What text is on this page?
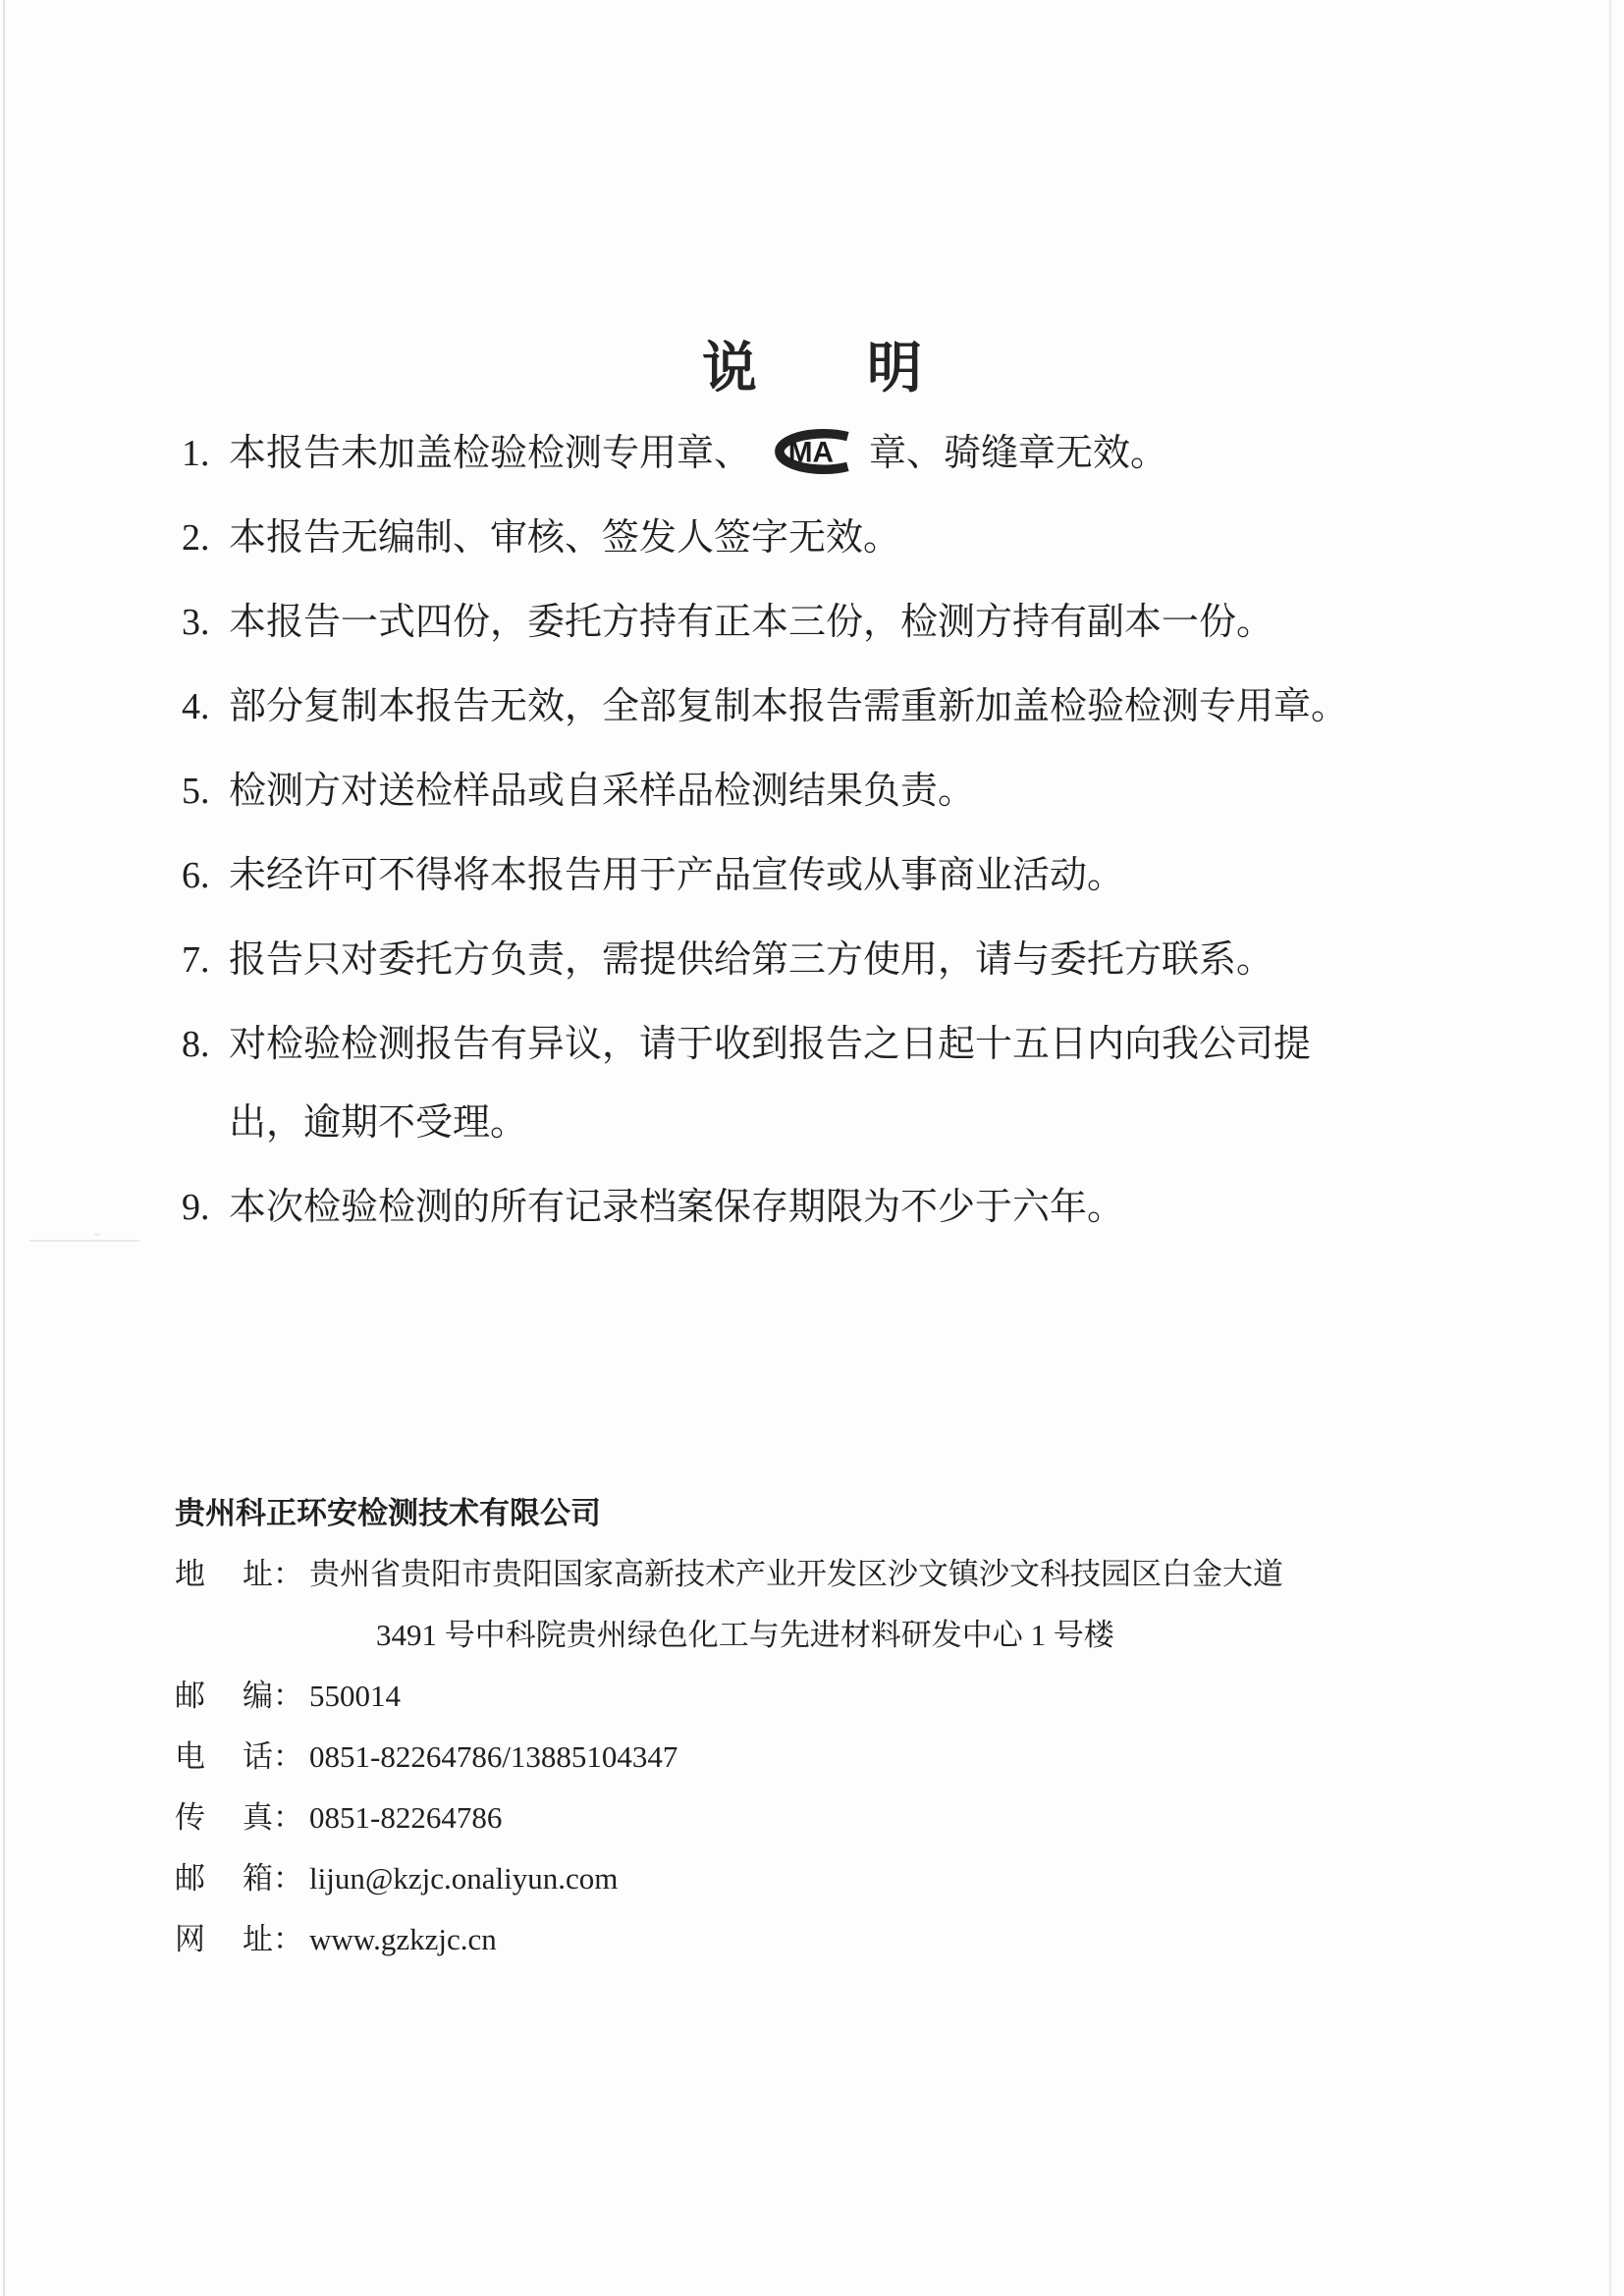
说　　明
1. 本报告未加盖检验检测专用章、 MA 章、骑缝章无效。
2. 本报告无编制、审核、签发人签字无效。
3. 本报告一式四份，委托方持有正本三份，检测方持有副本一份。
4. 部分复制本报告无效，全部复制本报告需重新加盖检验检测专用章。
5. 检测方对送检样品或自采样品检测结果负责。
6. 未经许可不得将本报告用于产品宣传或从事商业活动。
7. 报告只对委托方负责，需提供给第三方使用，请与委托方联系。
8. 对检验检测报告有异议，请于收到报告之日起十五日内向我公司提出，逾期不受理。
9. 本次检验检测的所有记录档案保存期限为不少于六年。
贵州科正环安检测技术有限公司
地 址 ： 贵州省贵阳市贵阳国家高新技术产业开发区沙文镇沙文科技园区白金大道
3491 号中科院贵州绿色化工与先进材料研发中心 1 号楼
邮 编 ： 550014
电 话 ： 0851-82264786/13885104347
传 真 ： 0851-82264786
邮 箱 ： lijun@kzjc.onaliyun.com
网 址 ： www.gzkzjc.cn
